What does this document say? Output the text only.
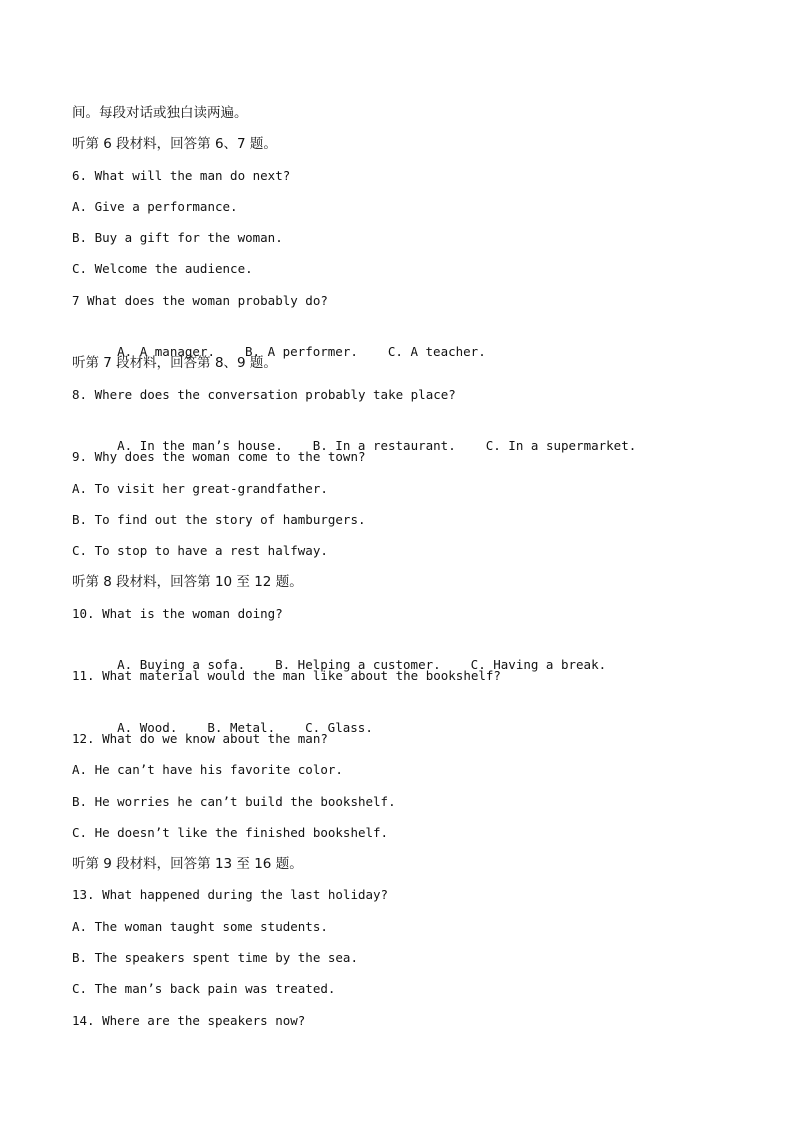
间。每段对话或独白读两遍。
听第 6 段材料，回答第 6、7 题。
6. What will the man do next?
A. Give a performance.
B. Buy a gift for the woman.
C. Welcome the audience.
7 What does the woman probably do?

A. A manager. B. A performer. C. A teacher.

听第 7 段材料，回答第 8、9 题。
8. Where does the conversation probably take place?

A. In the man’s house. B. In a restaurant. C. In a supermarket.

9. Why does the woman come to the town?
A. To visit her great-grandfather.
B. To find out the story of hamburgers.
C. To stop to have a rest halfway.
听第 8 段材料，回答第 10 至 12 题。
10. What is the woman doing?

A. Buying a sofa. B. Helping a customer. C. Having a break.

11. What material would the man like about the bookshelf?

A. Wood. B. Metal. C. Glass.

12. What do we know about the man?
A. He can’t have his favorite color.
B. He worries he can’t build the bookshelf.
C. He doesn’t like the finished bookshelf.
听第 9 段材料，回答第 13 至 16 题。
13. What happened during the last holiday?
A. The woman taught some students.
B. The speakers spent time by the sea.
C. The man’s back pain was treated.
14. Where are the speakers now?
